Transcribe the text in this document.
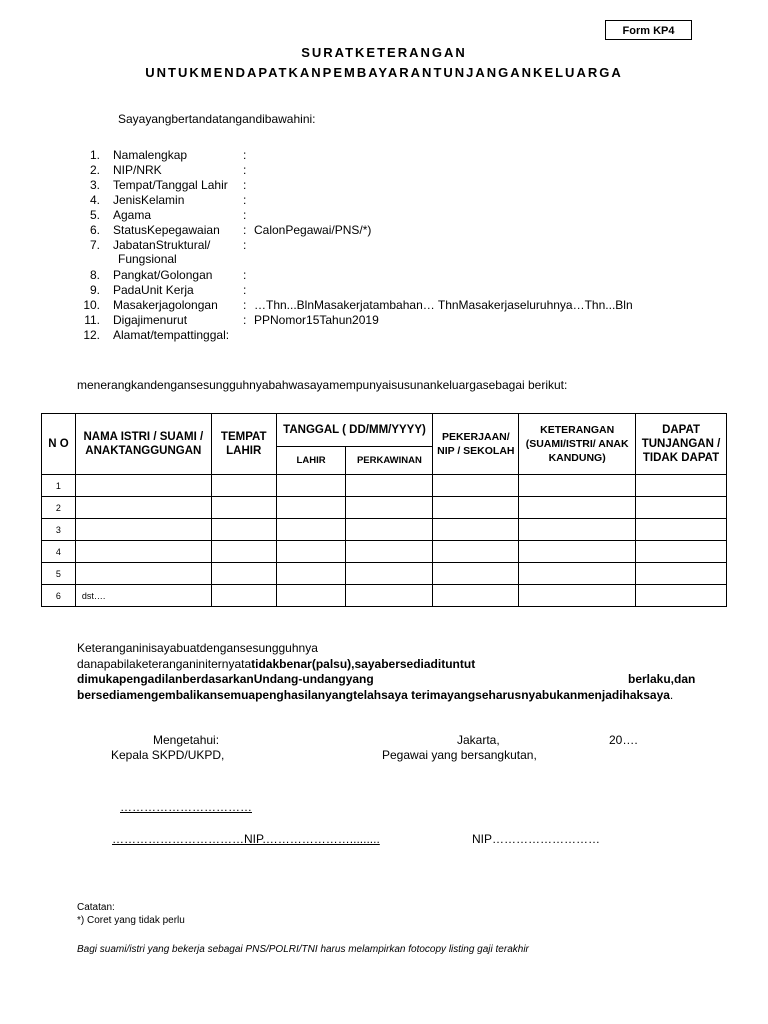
Form KP4
SURATKETERANGAN
UNTUKMENDAPATKANPEMBAYARANTUNJANGANKELUARGA
Sayayangbertandatangandibawahini:
1. Namalengkap	:
2. NIP/NRK	:
3. Tempat/Tanggal Lahir :
4. JenisKelamin	:
5. Agama	:
6. StatusKepegawaian : CalonPegawai/PNS/*)
7. JabatanStruktural/	:
Fungsional
8. Pangkat/Golongan	:
9. PadaUnit Kerja	:
10. Masakerjagolongan : …Thn...BlnMasakerjatambahan… ThnMasakerjaseluruhnya…Thn...Bln
11. Digajimenurut	: PPNomor15Tahun2019
12. Alamat/tempattinggal:
menerangkandengansesungguhnyabahwasayamempunyaisusunankeluargasebagai berikut:
N O	NAMA ISTRI / SUAMI / ANAKTANGGUNGAN	TEMPAT LAHIR	TANGGAL ( DD/MM/YYYY)		PEKERJAAN/ NIP / SEKOLAH	KETERANGAN (SUAMI/ISTRI/ ANAK KANDUNG)	DAPAT TUNJANGAN / TIDAK DAPAT
			LAHIR	PERKAWINAN			
1							
2							
3							
4							
5							
6	dst….						
Keteranganinisayabuatdengansesungguhnya
danapabilaketeranganiniternyatatidakbenar(palsu),sayabersediadituntut
dimukapengadilanberdasarkanUndang-undangyang	berlaku,dan
bersediamengembalikansemuapenghasilanyangtelahsaya terimayangseharusnyabukanmenjadihaksaya.
Mengetahui:
Kepala SKPD/UKPD,
Jakarta,	20….
Pegawai yang bersangkutan,
……………………………
……………………………NIP.………………….........	NIP………………………
Catatan:
*) Coret yang tidak perlu
Bagi suami/istri yang bekerja sebagai PNS/POLRI/TNI harus melampirkan fotocopy listing gaji terakhir
